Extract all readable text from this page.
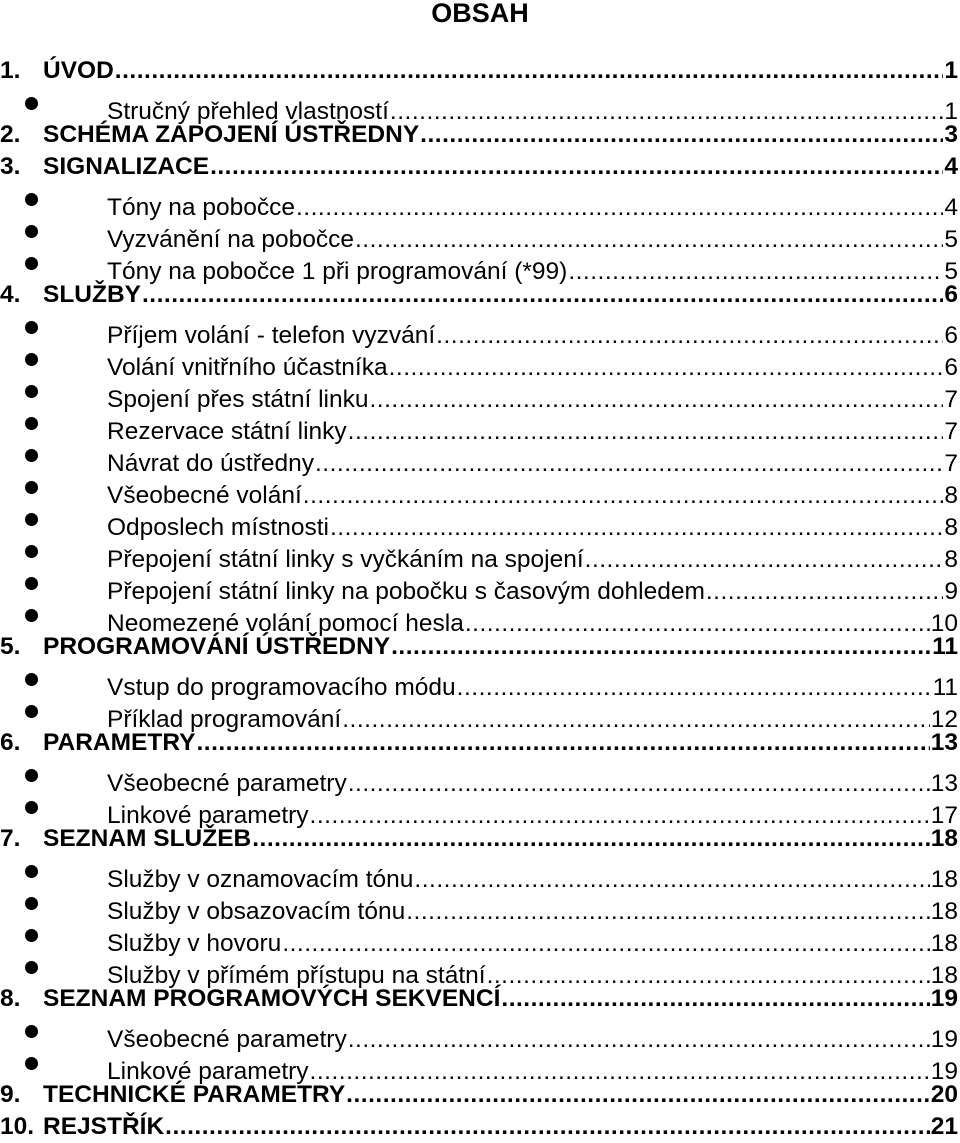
OBSAH
1. ÚVOD .....	1
Stručný přehled vlastností .....	1
2. SCHÉMA ZAPOJENÍ ÚSTŘEDNY .....	3
3. SIGNALIZACE .....	4
Tóny na pobočce .....	4
Vyzvánění na pobočce .....	5
Tóny na pobočce 1 při programování (*99) .....	5
4. SLUŽBY .....	6
Příjem volání - telefon vyzvání .....	6
Volání vnitřního účastníka .....	6
Spojení přes státní linku .....	7
Rezervace státní linky .....	7
Návrat do ústředny .....	7
Všeobecné volání .....	8
Odposlech místnosti .....	8
Přepojení státní linky s vyčkáním na spojení .....	8
Přepojení státní linky na pobočku s časovým dohledem .....	9
Neomezené volání pomocí hesla .....	10
5. PROGRAMOVÁNÍ ÚSTŘEDNY .....	11
Vstup do programovacího módu .....	11
Příklad programování .....	12
6. PARAMETRY .....	13
Všeobecné parametry .....	13
Linkové parametry .....	17
7. SEZNAM SLUŽEB .....	18
Služby v oznamovacím tónu .....	18
Služby v obsazovacím tónu .....	18
Služby v hovoru .....	18
Služby v přímém přístupu na státní .....	18
8. SEZNAM PROGRAMOVÝCH SEKVENCÍ .....	19
Všeobecné parametry .....	19
Linkové parametry .....	19
9. TECHNICKÉ PARAMETRY .....	20
10. REJSTŘÍK .....	21
